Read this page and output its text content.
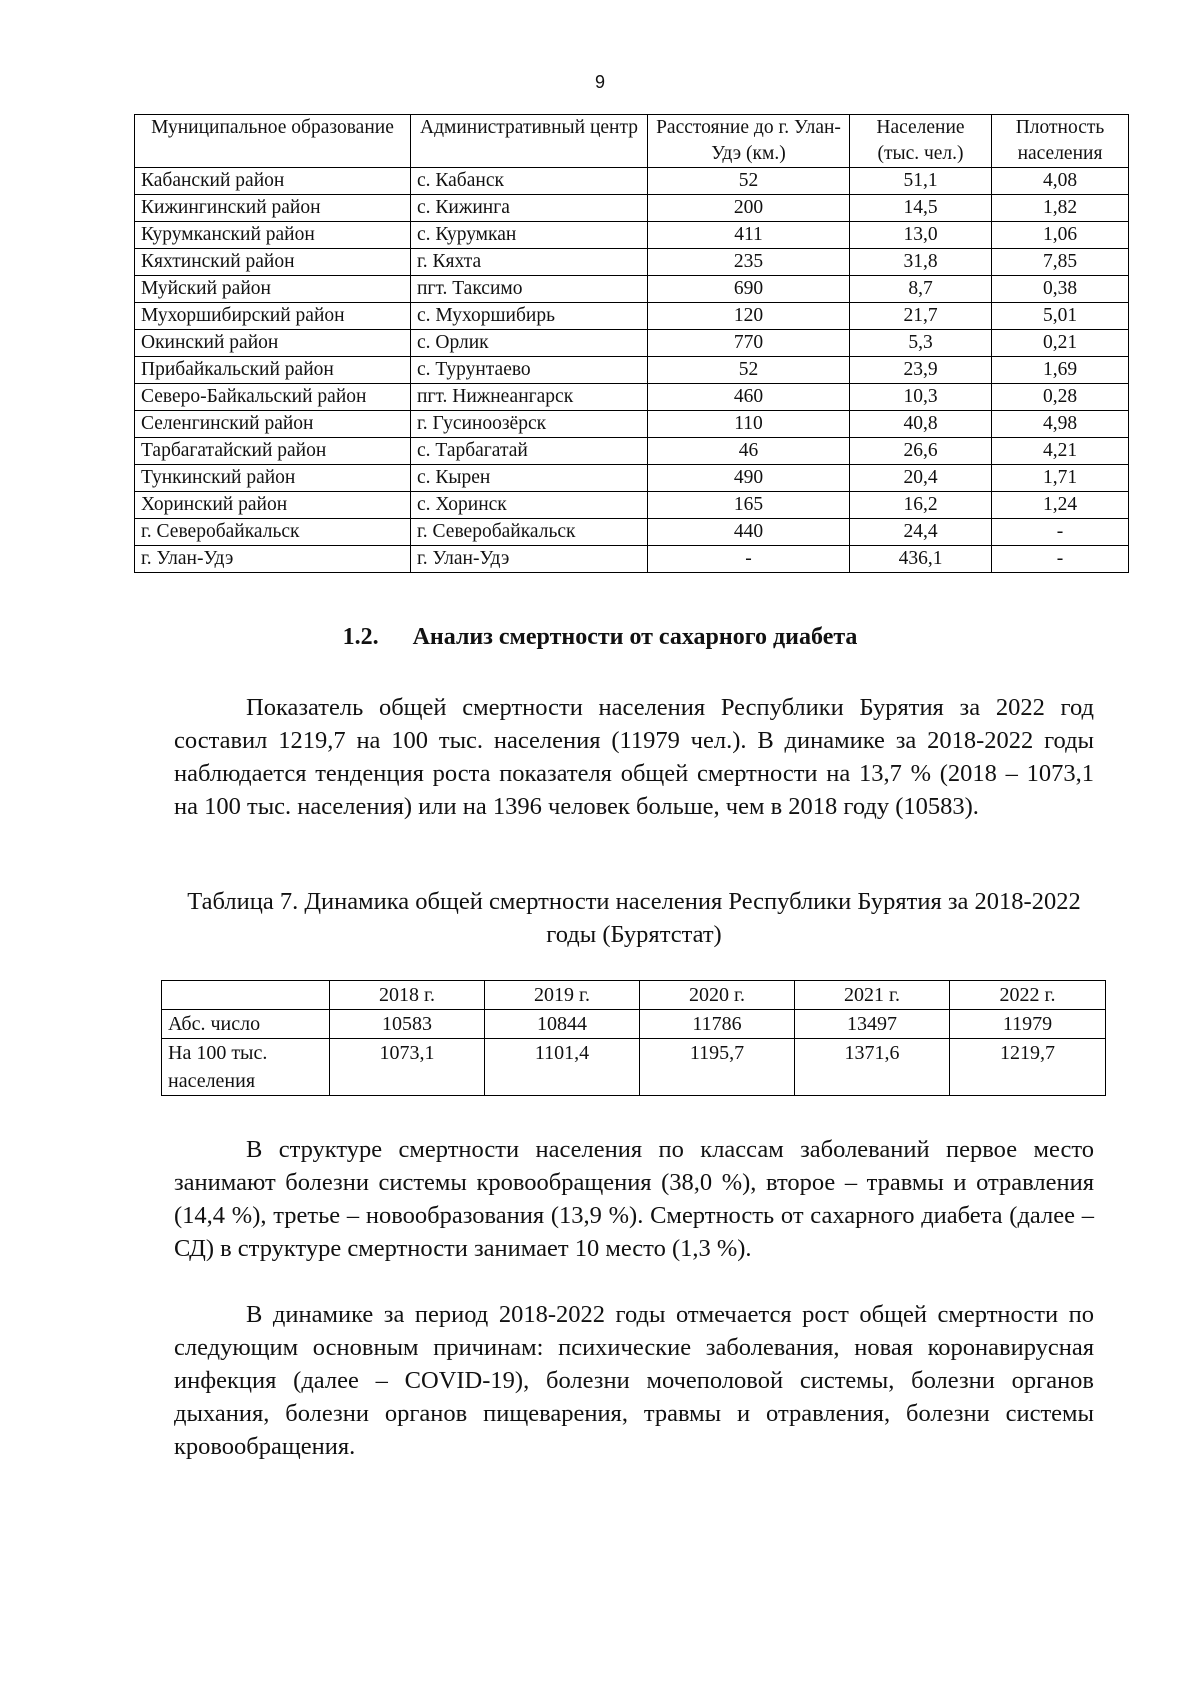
9
Муниципальное образование	Административный центр	Расстояние до г. Улан-Удэ (км.)	Население (тыс. чел.)	Плотность населения
Кабанский район	с. Кабанск	52	51,1	4,08
Кижингинский район	с. Кижинга	200	14,5	1,82
Курумканский район	с. Курумкан	411	13,0	1,06
Кяхтинский район	г. Кяхта	235	31,8	7,85
Муйский район	пгт. Таксимо	690	8,7	0,38
Мухоршибирский район	с. Мухоршибирь	120	21,7	5,01
Окинский район	с. Орлик	770	5,3	0,21
Прибайкальский район	с. Турунтаево	52	23,9	1,69
Северо-Байкальский район	пгт. Нижнеангарск	460	10,3	0,28
Селенгинский район	г. Гусиноозёрск	110	40,8	4,98
Тарбагатайский район	с. Тарбагатай	46	26,6	4,21
Тункинский район	с. Кырен	490	20,4	1,71
Хоринский район	с. Хоринск	165	16,2	1,24
г. Северобайкальск	г. Северобайкальск	440	24,4	-
г. Улан-Удэ	г. Улан-Удэ	-	436,1	-
1.2. Анализ смертности от сахарного диабета

Показатель общей смертности населения Республики Бурятия за 2022 год составил 1219,7 на 100 тыс. населения (11979 чел.). В динамике за 2018-2022 годы наблюдается тенденция роста показателя общей смертности на 13,7 % (2018 – 1073,1 на 100 тыс. населения) или на 1396 человек больше, чем в 2018 году (10583).

Таблица 7. Динамика общей смертности населения Республики Бурятия за 2018-2022 годы (Бурятстат)
	2018 г.	2019 г.	2020 г.	2021 г.	2022 г.
Абс. число	10583	10844	11786	13497	11979
На 100 тыс. населения	1073,1	1101,4	1195,7	1371,6	1219,7

В структуре смертности населения по классам заболеваний первое место занимают болезни системы кровообращения (38,0 %), второе – травмы и отравления (14,4 %), третье – новообразования (13,9 %). Смертность от сахарного диабета (далее – СД) в структуре смертности занимает 10 место (1,3 %).

В динамике за период 2018-2022 годы отмечается рост общей смертности по следующим основным причинам: психические заболевания, новая коронавирусная инфекция (далее – COVID-19), болезни мочеполовой системы, болезни органов дыхания, болезни органов пищеварения, травмы и отравления, болезни системы кровообращения.
